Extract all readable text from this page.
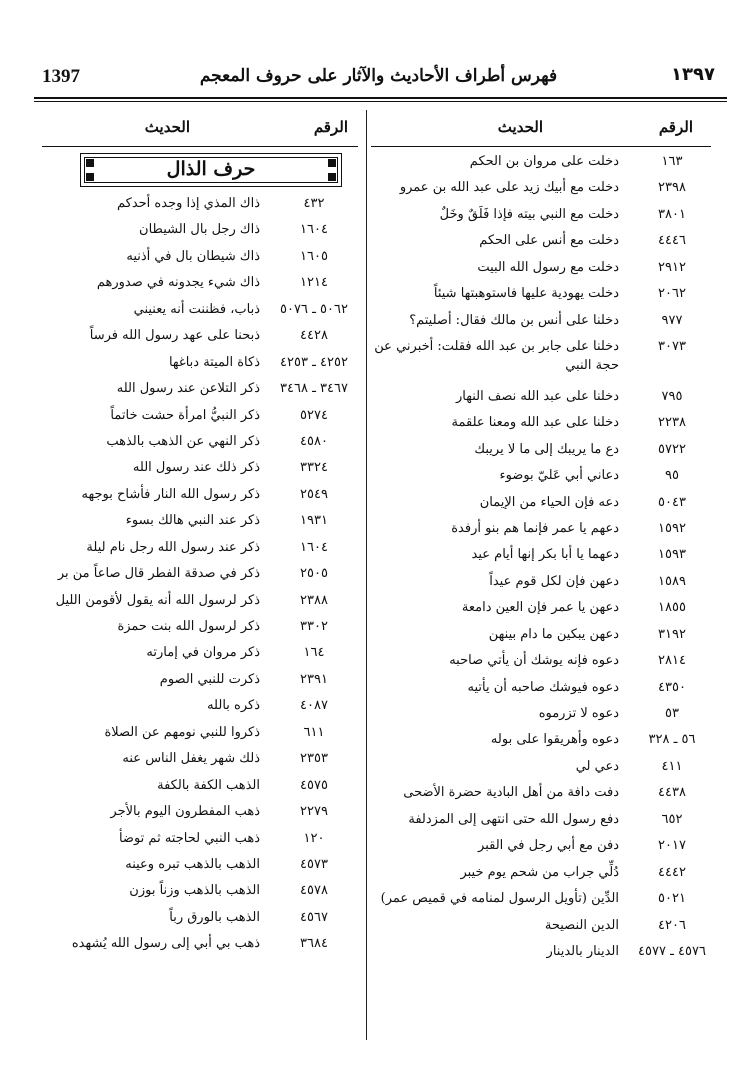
1397	فهرس أطراف الأحاديث والآثار على حروف المعجم	١٣٩٧
الرقم
الحديث
١٦٣
دخلت على مروان بن الحكم
٢٣٩٨
دخلت مع أبيك زيد على عبد الله بن عمرو
٣٨٠١
دخلت مع النبي بيته فإذا فَلَقٌ وخَلٌ
٤٤٤٦
دخلت مع أنس على الحكم
٢٩١٢
دخلت مع رسول الله البيت
٢٠٦٢
دخلت يهودية عليها فاستوهبتها شيئاً
٩٧٧
دخلنا على أنس بن مالك فقال: أصليتم؟
٣٠٧٣
دخلنا على جابر بن عبد الله فقلت: أخبرني عن حجة النبي
٧٩٥
دخلنا على عبد الله نصف النهار
٢٢٣٨
دخلنا على عبد الله ومعنا علقمة
٥٧٢٢
دع ما يريبك إلى ما لا يريبك
٩٥
دعاني أبي عَليّ بوضوء
٥٠٤٣
دعه فإن الحياء من الإيمان
١٥٩٢
دعهم يا عمر فإنما هم بنو أرفدة
١٥٩٣
دعهما يا أبا بكر إنها أيام عيد
١٥٨٩
دعهن فإن لكل قوم عيداً
١٨٥٥
دعهن يا عمر فإن العين دامعة
٣١٩٢
دعهن يبكين ما دام بينهن
٢٨١٤
دعوه فإنه يوشك أن يأتي صاحبه
٤٣٥٠
دعوه فيوشك صاحبه أن يأتيه
٥٣
دعوه لا تزرموه
٥٦ ـ ٣٢٨
دعوه وأهريقوا على بوله
٤١١
دعي لي
٤٤٣٨
دفت دافة من أهل البادية حضرة الأضحى
٦٥٢
دفع رسول الله حتى انتهى إلى المزدلفة
٢٠١٧
دفن مع أبي رجل في القبر
٤٤٤٢
دُلِّي جراب من شحم يوم خيبر
٥٠٢١
الدِّين (تأويل الرسول لمنامه في قميص عمر)
٤٢٠٦
الدين النصيحة
٤٥٧٦ ـ ٤٥٧٧
الدينار بالدينار
الرقم
الحديث
حرف الذال
٤٣٢
ذاك المذي إذا وجده أحدكم
١٦٠٤
ذاك رجل بال الشيطان
١٦٠٥
ذاك شيطان بال في أذنيه
١٢١٤
ذاك شيء يجدونه في صدورهم
٥٠٦٢ ـ ٥٠٧٦
ذباب، فظننت أنه يعنيني
٤٤٢٨
ذبحنا على عهد رسول الله فرساً
٤٢٥٢ ـ ٤٢٥٣
ذكاة الميتة دباغها
٣٤٦٧ ـ ٣٤٦٨
ذكر التلاعن عند رسول الله
٥٢٧٤
ذكر النبيُّ امرأة حشت خاتماً
٤٥٨٠
ذكر النهي عن الذهب بالذهب
٣٣٢٤
ذكر ذلك عند رسول الله
٢٥٤٩
ذكر رسول الله النار فأشاح بوجهه
١٩٣١
ذكر عند النبي هالك بسوء
١٦٠٤
ذكر عند رسول الله رجل نام ليلة
٢٥٠٥
ذكر في صدقة الفطر قال صاعاً من بر
٢٣٨٨
ذكر لرسول الله أنه يقول لأقومن الليل
٣٣٠٢
ذكر لرسول الله بنت حمزة
١٦٤
ذكر مروان في إمارته
٢٣٩١
ذكرت للنبي الصوم
٤٠٨٧
ذكره بالله
٦١١
ذكروا للنبي نومهم عن الصلاة
٢٣٥٣
ذلك شهر يغفل الناس عنه
٤٥٧٥
الذهب الكفة بالكفة
٢٢٧٩
ذهب المفطرون اليوم بالأجر
١٢٠
ذهب النبي لحاجته ثم توضأ
٤٥٧٣
الذهب بالذهب تبره وعينه
٤٥٧٨
الذهب بالذهب وزناً بوزن
٤٥٦٧
الذهب بالورق رباً
٣٦٨٤
ذهب بي أبي إلى رسول الله يُشهده
